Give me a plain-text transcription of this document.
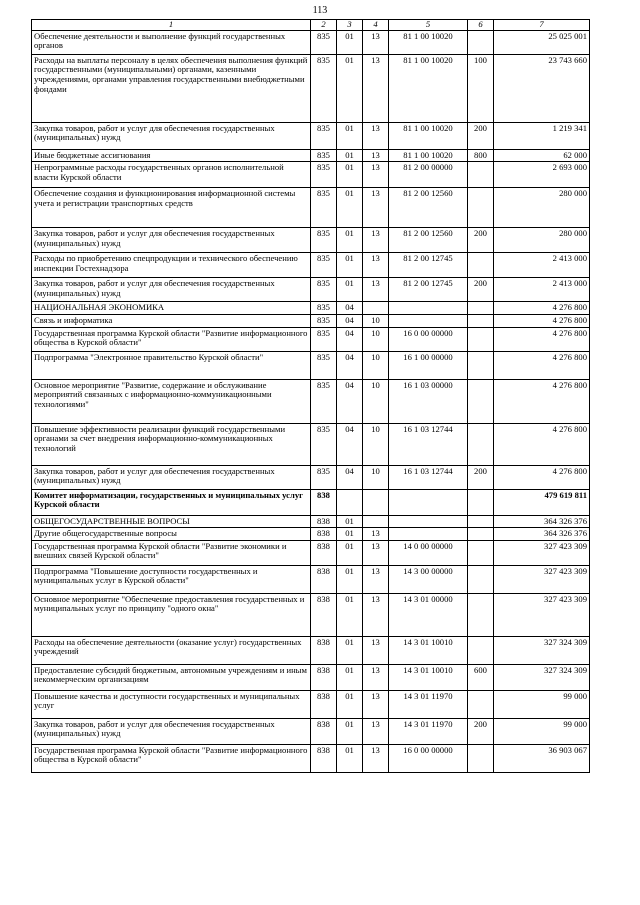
113
1	2	3	4	5	6	7
Обеспечение деятельности и выполнение функций государственных органов	835	01	13	81 1 00 10020		25 025 001
Расходы на выплаты персоналу в целях обеспечения выполнения функций государственными (муниципальными) органами, казенными учреждениями, органами управления государственными внебюджетными фондами	835	01	13	81 1 00 10020	100	23 743 660
Закупка товаров, работ и услуг для обеспечения государственных (муниципальных) нужд	835	01	13	81 1 00 10020	200	1 219 341
Иные бюджетные ассигнования	835	01	13	81 1 00 10020	800	62 000
Непрограммные расходы государственных органов исполнительной власти Курской области	835	01	13	81 2 00 00000		2 693 000
Обеспечение создания и функционирования информационной системы учета и регистрации транспортных средств	835	01	13	81 2 00 12560		280 000
Закупка товаров, работ и услуг для обеспечения государственных (муниципальных) нужд	835	01	13	81 2 00 12560	200	280 000
Расходы по приобретению спецпродукции и технического обеспечению инспекции Гостехнадзора	835	01	13	81 2 00 12745		2 413 000
Закупка товаров, работ и услуг для обеспечения государственных (муниципальных) нужд	835	01	13	81 2 00 12745	200	2 413 000
НАЦИОНАЛЬНАЯ ЭКОНОМИКА	835	04				4 276 800
Связь и информатика	835	04	10			4 276 800
Государственная программа Курской области "Развитие информационного общества в Курской области"	835	04	10	16 0 00 00000		4 276 800
Подпрограмма "Электронное правительство Курской области"	835	04	10	16 1 00 00000		4 276 800
Основное мероприятие "Развитие, содержание и обслуживание мероприятий связанных с информационно-коммуникационными технологиями"	835	04	10	16 1 03 00000		4 276 800
Повышение эффективности реализации функций государственными органами за счет внедрения информационно-коммуникационных технологий	835	04	10	16 1 03 12744		4 276 800
Закупка товаров, работ и услуг для обеспечения государственных (муниципальных) нужд	835	04	10	16 1 03 12744	200	4 276 800
Комитет информатизации, государственных и муниципальных услуг Курской области	838					479 619 811
ОБЩЕГОСУДАРСТВЕННЫЕ ВОПРОСЫ	838	01				364 326 376
Другие общегосударственные вопросы	838	01	13			364 326 376
Государственная программа Курской области "Развитие экономики и внешних связей Курской области"	838	01	13	14 0 00 00000		327 423 309
Подпрограмма "Повышение доступности государственных и муниципальных услуг в Курской области"	838	01	13	14 3 00 00000		327 423 309
Основное мероприятие "Обеспечение предоставления государственных и муниципальных услуг по принципу "одного окна"	838	01	13	14 3 01 00000		327 423 309
Расходы на обеспечение деятельности (оказание услуг) государственных учреждений	838	01	13	14 3 01 10010		327 324 309
Предоставление субсидий бюджетным, автономным учреждениям и иным некоммерческим организациям	838	01	13	14 3 01 10010	600	327 324 309
Повышение качества и доступности государственных и муниципальных услуг	838	01	13	14 3 01 11970		99 000
Закупка товаров, работ и услуг для обеспечения государственных (муниципальных) нужд	838	01	13	14 3 01 11970	200	99 000
Государственная программа Курской области "Развитие информационного общества в Курской области"	838	01	13	16 0 00 00000		36 903 067
